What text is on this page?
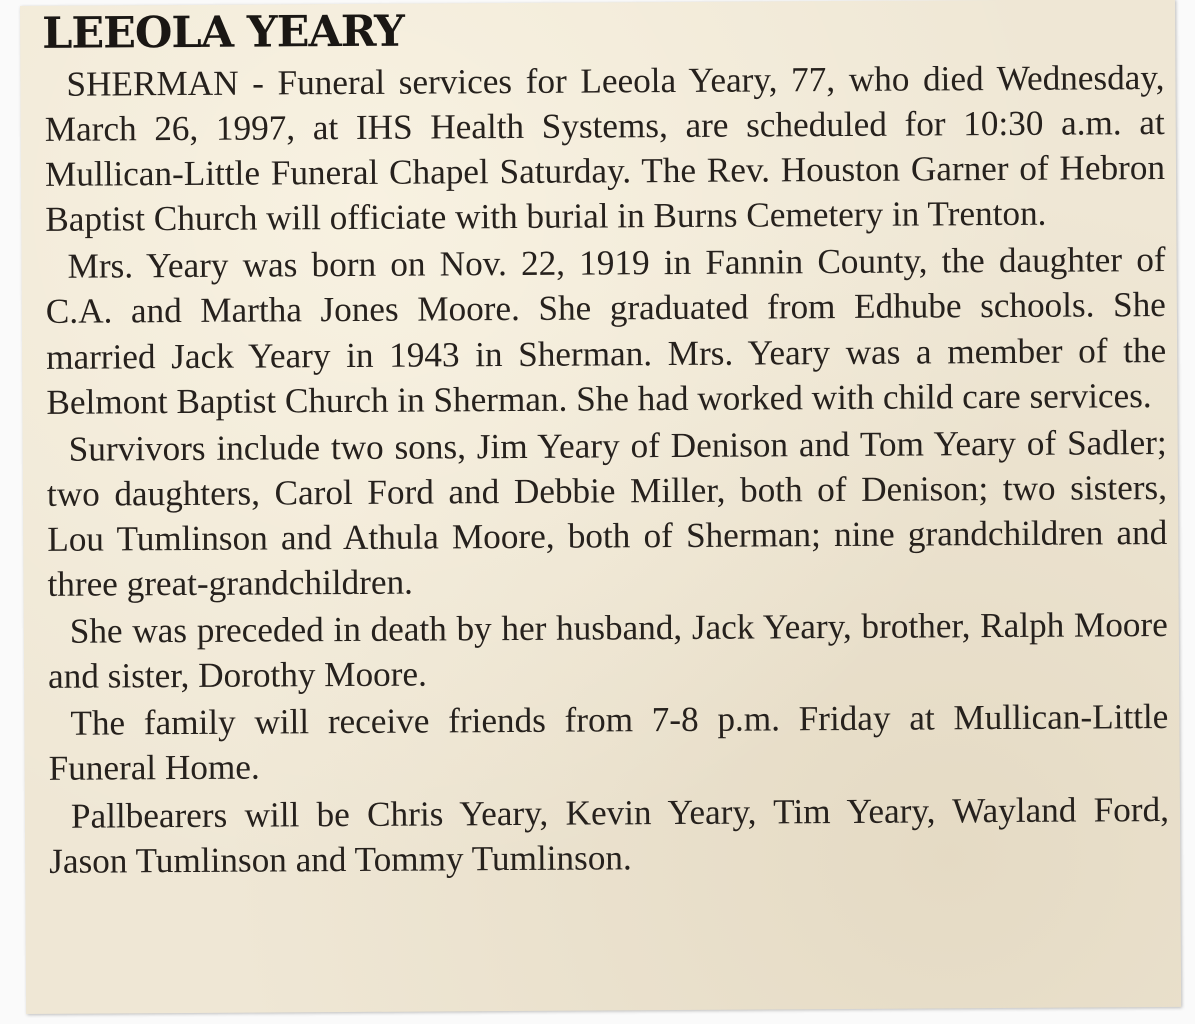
LEEOLA YEARY

SHERMAN - Funeral services for Leeola Yeary, 77, who died Wednesday, March 26, 1997, at IHS Health Systems, are scheduled for 10:30 a.m. at Mullican-Little Funeral Chapel Saturday. The Rev. Houston Garner of Hebron Baptist Church will officiate with burial in Burns Cemetery in Trenton.

Mrs. Yeary was born on Nov. 22, 1919 in Fannin County, the daughter of C.A. and Martha Jones Moore. She graduated from Edhube schools. She married Jack Yeary in 1943 in Sherman. Mrs. Yeary was a member of the Belmont Baptist Church in Sherman. She had worked with child care services.

Survivors include two sons, Jim Yeary of Denison and Tom Yeary of Sadler; two daughters, Carol Ford and Debbie Miller, both of Denison; two sisters, Lou Tumlinson and Athula Moore, both of Sherman; nine grandchildren and three great-grandchildren.

She was preceded in death by her husband, Jack Yeary, brother, Ralph Moore and sister, Dorothy Moore.

The family will receive friends from 7-8 p.m. Friday at Mullican-Little Funeral Home.

Pallbearers will be Chris Yeary, Kevin Yeary, Tim Yeary, Wayland Ford, Jason Tumlinson and Tommy Tumlinson.
